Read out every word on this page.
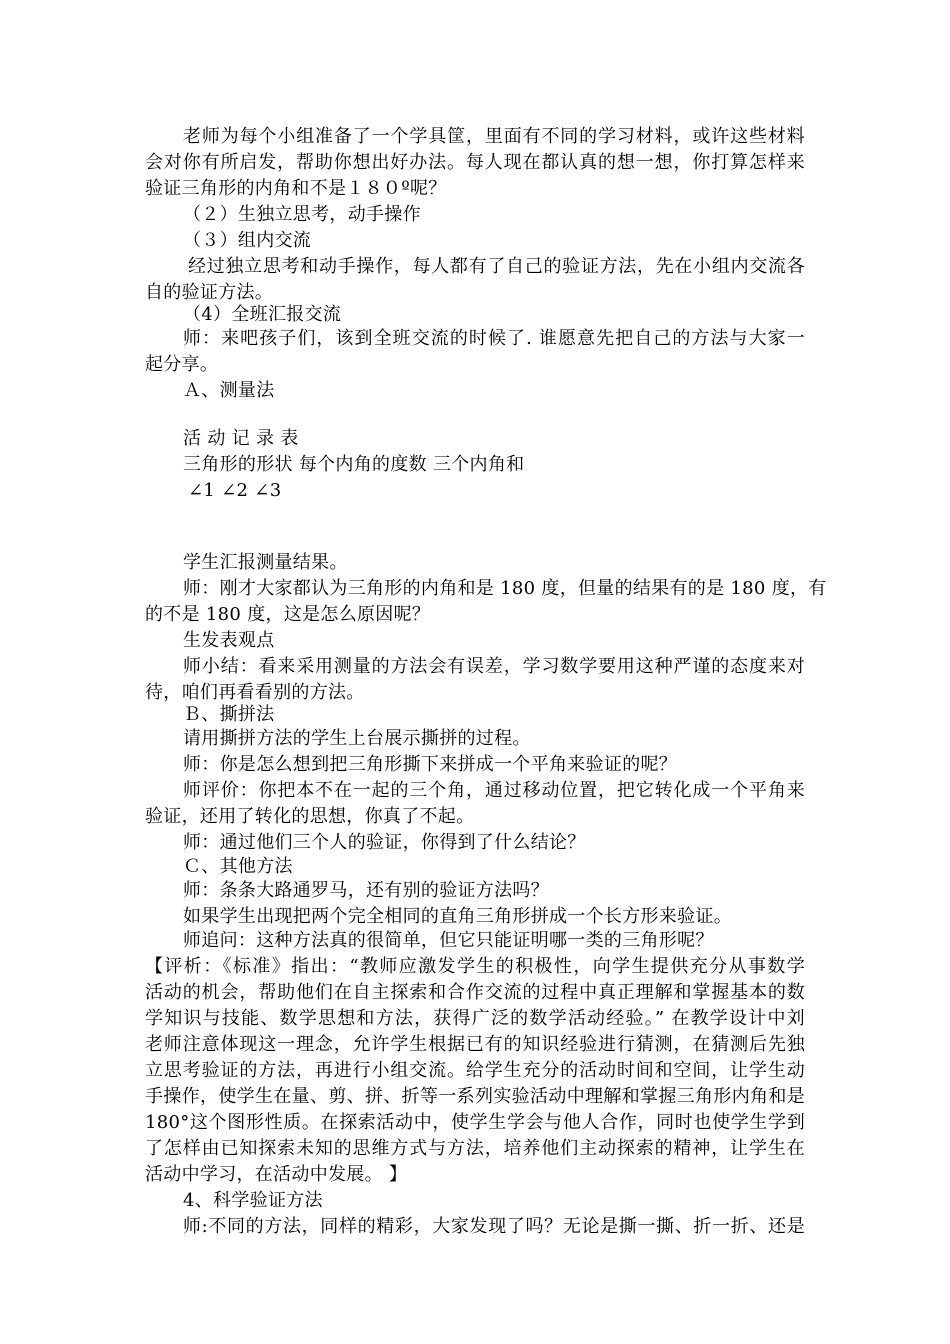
老师为每个小组准备了一个学具筐，里面有不同的学习材料，或许这些材料
会对你有所启发，帮助你想出好办法。每人现在都认真的想一想，你打算怎样来
验证三角形的内角和不是１８０º呢？
（２）生独立思考，动手操作
（３）组内交流
经过独立思考和动手操作，每人都有了自己的验证方法，先在小组内交流各
自的验证方法。
（4）全班汇报交流
师：来吧孩子们，该到全班交流的时候了. 谁愿意先把自己的方法与大家一
起分享。
Ａ、测量法
活 动 记 录 表
三角形的形状 每个内角的度数 三个内角和
∠1 ∠2 ∠3
学生汇报测量结果。
师：刚才大家都认为三角形的内角和是 180 度，但量的结果有的是 180 度，有
的不是 180 度，这是怎么原因呢？
生发表观点
师小结：看来采用测量的方法会有误差，学习数学要用这种严谨的态度来对
待，咱们再看看别的方法。
Ｂ、撕拼法
请用撕拼方法的学生上台展示撕拼的过程。
师：你是怎么想到把三角形撕下来拼成一个平角来验证的呢？
师评价：你把本不在一起的三个角，通过移动位置，把它转化成一个平角来
验证，还用了转化的思想，你真了不起。
师：通过他们三个人的验证，你得到了什么结论？
Ｃ、其他方法
师：条条大路通罗马，还有别的验证方法吗？
如果学生出现把两个完全相同的直角三角形拼成一个长方形来验证。
师追问：这种方法真的很简单，但它只能证明哪一类的三角形呢？
【评析：《标准》指出：“教师应激发学生的积极性，向学生提供充分从事数学
活动的机会，帮助他们在自主探索和合作交流的过程中真正理解和掌握基本的数
学知识与技能、数学思想和方法，获得广泛的数学活动经验。” 在教学设计中刘
老师注意体现这一理念，允许学生根据已有的知识经验进行猜测，在猜测后先独
立思考验证的方法，再进行小组交流。给学生充分的活动时间和空间，让学生动
手操作，使学生在量、剪、拼、折等一系列实验活动中理解和掌握三角形内角和是
180°这个图形性质。在探索活动中，使学生学会与他人合作，同时也使学生学到
了怎样由已知探索未知的思维方式与方法，培养他们主动探索的精神，让学生在
活动中学习，在活动中发展。 】
4、科学验证方法
师:不同的方法，同样的精彩，大家发现了吗？无论是撕一撕、折一折、还是
